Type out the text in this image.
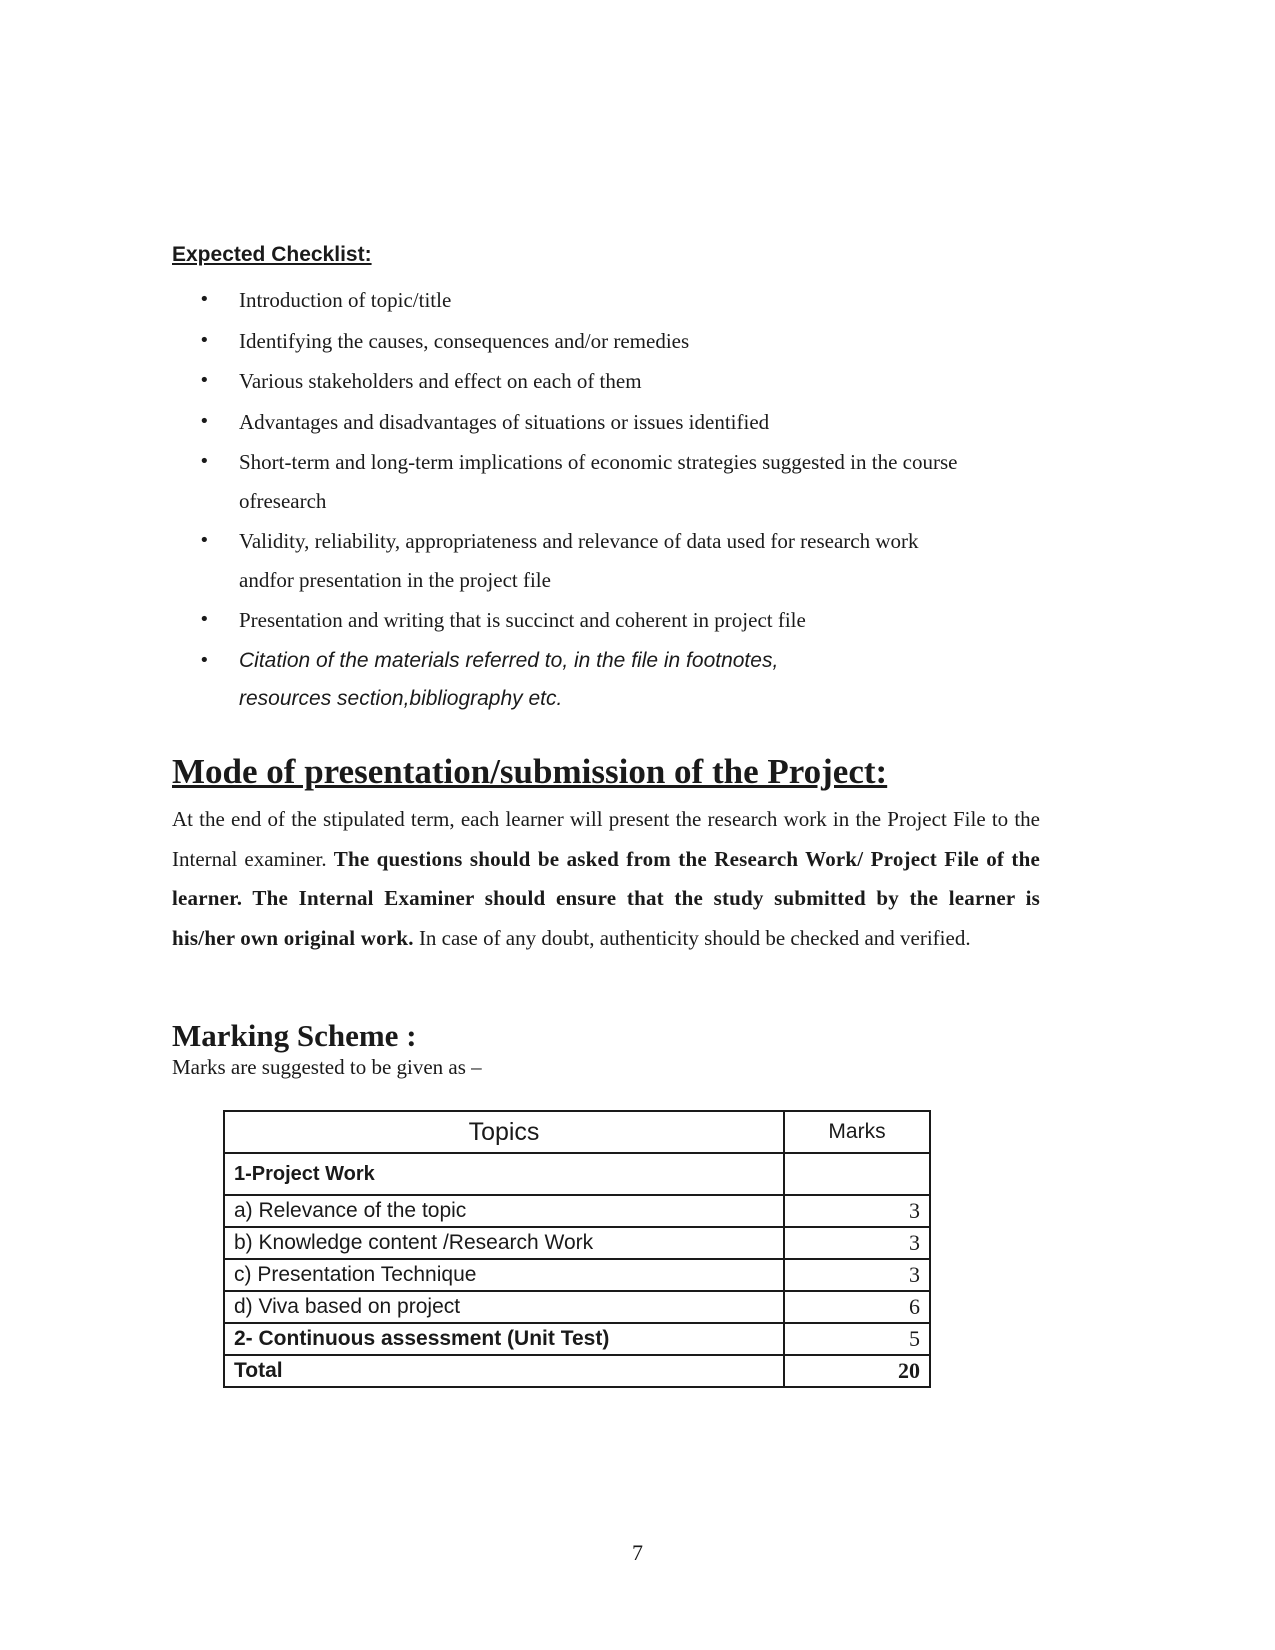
Expected Checklist:
• Introduction of topic/title
• Identifying the causes, consequences and/or remedies
• Various stakeholders and effect on each of them
• Advantages and disadvantages of situations or issues identified
• Short-term and long-term implications of economic strategies suggested in the course ofresearch
• Validity, reliability, appropriateness and relevance of data used for research work andfor presentation in the project file
• Presentation and writing that is succinct and coherent in project file
• Citation of the materials referred to, in the file in footnotes, resources section,bibliography etc.
Mode of presentation/submission of the Project:

At the end of the stipulated term, each learner will present the research work in the Project File to the Internal examiner. The questions should be asked from the Research Work/ Project File of the learner. The Internal Examiner should ensure that the study submitted by the learner is his/her own original work. In case of any doubt, authenticity should be checked and verified.

Marking Scheme :

Marks are suggested to be given as –

Topics	Marks
1-Project Work	
a) Relevance of the topic	3
b) Knowledge content /Research Work	3
c) Presentation Technique	3
d) Viva based on project	6
2- Continuous assessment (Unit Test)	5
Total	20
7
